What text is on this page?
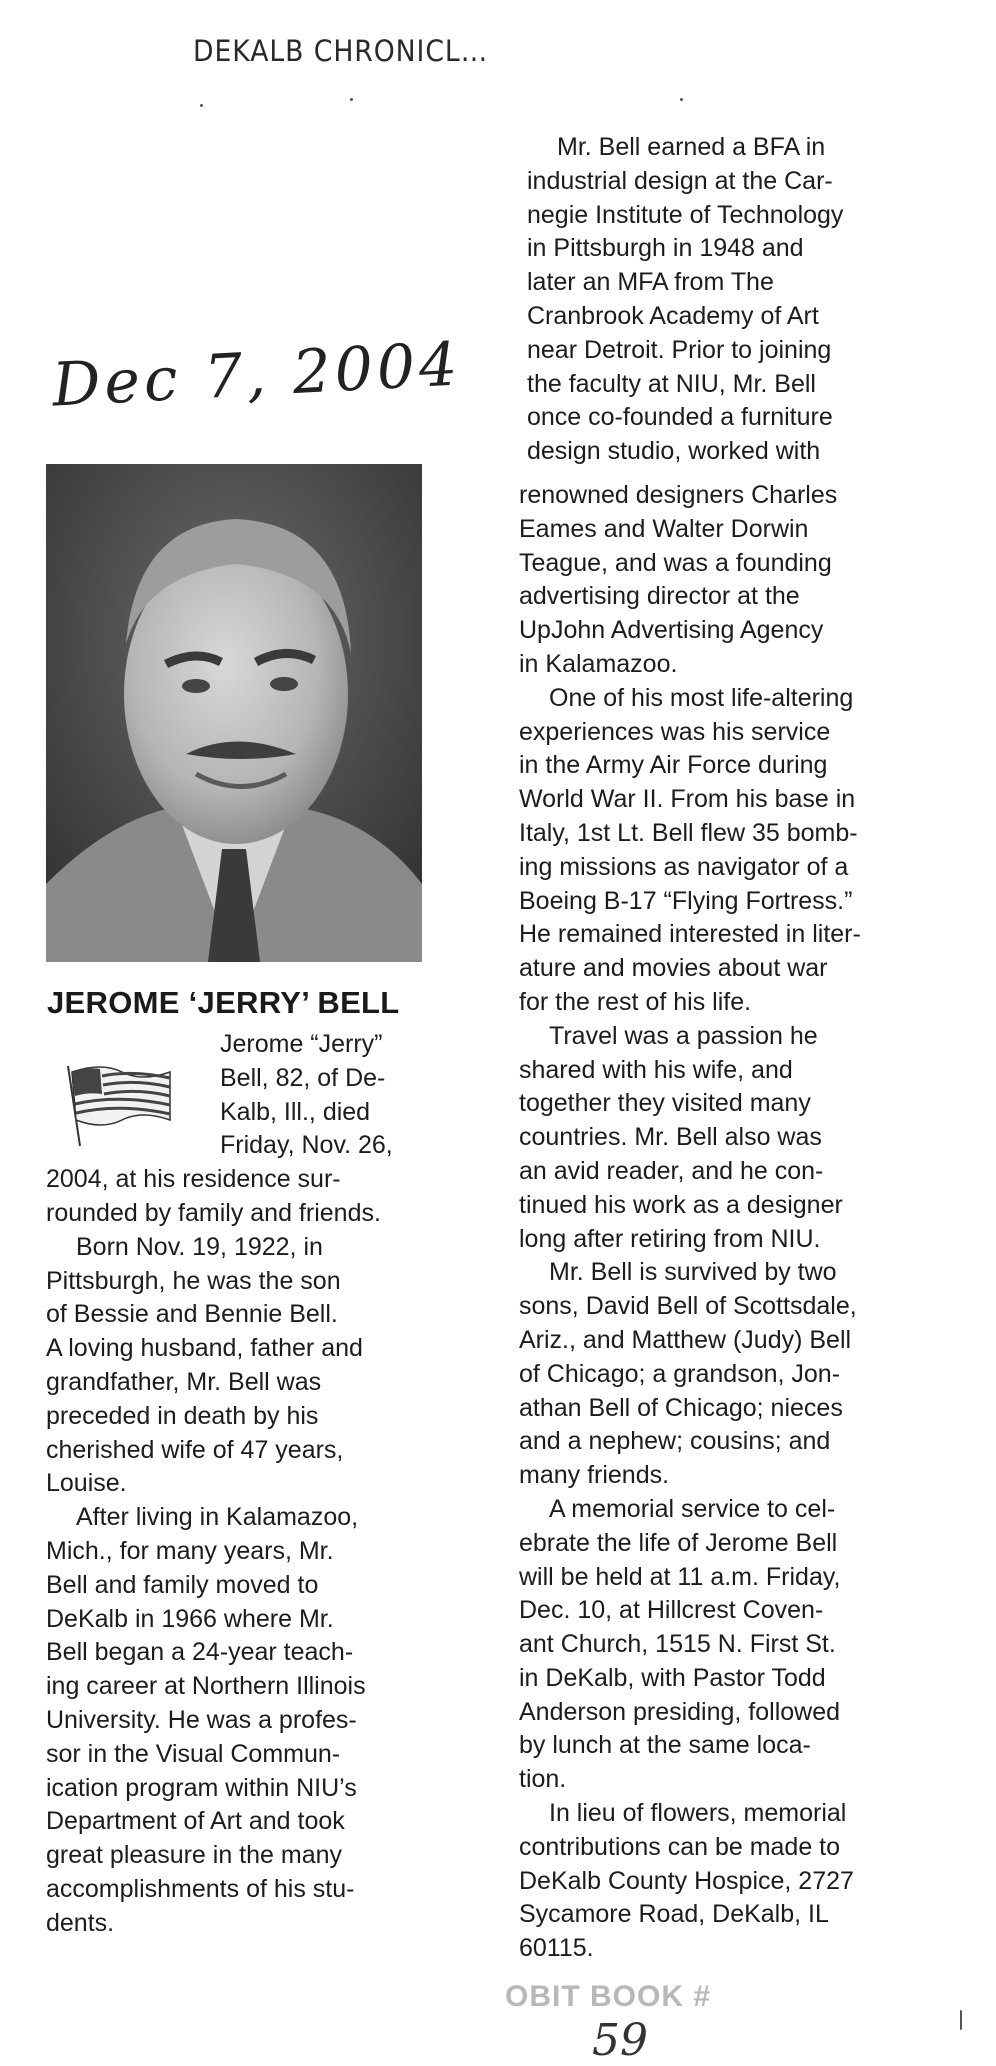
DEKALB CHRONICL…
Dec 7, 2004
JEROME ‘JERRY’ BELL

Jerome “Jerry”
Bell, 82, of De-
Kalb, Ill., died
Friday, Nov. 26,
2004, at his residence sur-
rounded by family and friends.

Born Nov. 19, 1922, in
Pittsburgh, he was the son
of Bessie and Bennie Bell.
A loving husband, father and
grandfather, Mr. Bell was
preceded in death by his
cherished wife of 47 years,
Louise.

After living in Kalamazoo,
Mich., for many years, Mr.
Bell and family moved to
DeKalb in 1966 where Mr.
Bell began a 24-year teach-
ing career at Northern Illinois
University. He was a profes-
sor in the Visual Commun-
ication program within NIU’s
Department of Art and took
great pleasure in the many
accomplishments of his stu-
dents.

Mr. Bell earned a BFA in
industrial design at the Car-
negie Institute of Technology
in Pittsburgh in 1948 and
later an MFA from The
Cranbrook Academy of Art
near Detroit. Prior to joining
the faculty at NIU, Mr. Bell
once co-founded a furniture
design studio, worked with

renowned designers Charles
Eames and Walter Dorwin
Teague, and was a founding
advertising director at the
UpJohn Advertising Agency
in Kalamazoo.

One of his most life-altering
experiences was his service
in the Army Air Force during
World War II. From his base in
Italy, 1st Lt. Bell flew 35 bomb-
ing missions as navigator of a
Boeing B-17 “Flying Fortress.”
He remained interested in liter-
ature and movies about war
for the rest of his life.

Travel was a passion he
shared with his wife, and
together they visited many
countries. Mr. Bell also was
an avid reader, and he con-
tinued his work as a designer
long after retiring from NIU.

Mr. Bell is survived by two
sons, David Bell of Scottsdale,
Ariz., and Matthew (Judy) Bell
of Chicago; a grandson, Jon-
athan Bell of Chicago; nieces
and a nephew; cousins; and
many friends.

A memorial service to cel-
ebrate the life of Jerome Bell
will be held at 11 a.m. Friday,
Dec. 10, at Hillcrest Coven-
ant Church, 1515 N. First St.
in DeKalb, with Pastor Todd
Anderson presiding, followed
by lunch at the same loca-
tion.

In lieu of flowers, memorial
contributions can be made to
DeKalb County Hospice, 2727
Sycamore Road, DeKalb, IL
60115.

OBIT BOOK #
59
